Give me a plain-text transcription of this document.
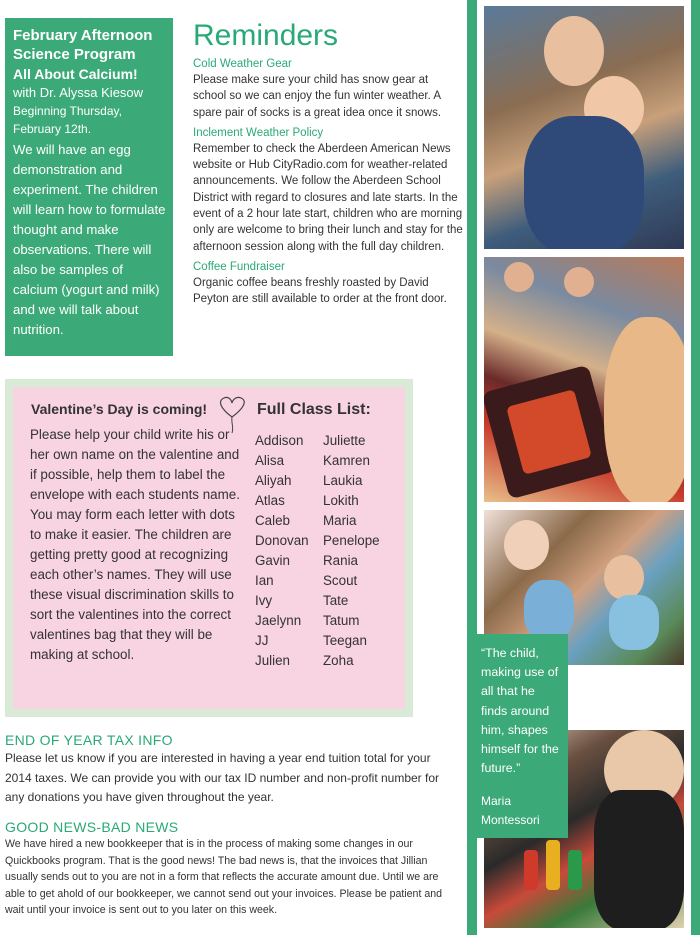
February Afternoon Science Program
All About Calcium!
with Dr. Alyssa Kiesow
Beginning Thursday, February 12th.
We will have an egg demonstration and experiment. The children will learn how to formulate thought and make observations. There will also be samples of calcium (yogurt and milk) and we will talk about nutrition.
Reminders
Cold Weather Gear
Please make sure your child has snow gear at school so we can enjoy the fun winter weather. A spare pair of socks is a great idea once it snows.
Inclement Weather Policy
Remember to check the Aberdeen American News website or Hub CityRadio.com for weather-related announcements. We follow the Aberdeen School District with regard to closures and late starts. In the event of a 2 hour late start, children who are morning only are welcome to bring their lunch and stay for the afternoon session along with the full day children.
Coffee Fundraiser
Organic coffee beans freshly roasted by David Peyton are still available to order at the front door.
“The child, making use of all that he finds around him, shapes himself for the future.”
Maria Montessori
Valentine’s Day is coming!
Please help your child write his or her own name on the valentine and if possible, help them to label the envelope with each students name. You may form each letter with dots to make it easier. The children are getting pretty good at recognizing each other’s names. They will use these visual discrimination skills to sort the valentines into the correct valentines bag that they will be making at school.
Full Class List:
Addison
Alisa
Aliyah
Atlas
Caleb
Donovan
Gavin
Ian
Ivy
Jaelynn
JJ
Julien
Juliette
Kamren
Laukia
Lokith
Maria
Penelope
Rania
Scout
Tate
Tatum
Teegan
Zoha
END OF YEAR TAX INFO
Please let us know if you are interested in having a year end tuition total for your 2014 taxes. We can provide you with our tax ID number and non-profit number for any donations you have given throughout the year.
GOOD NEWS-BAD NEWS
We have hired a new bookkeeper that is in the process of making some changes in our Quickbooks program. That is the good news! The bad news is, that the invoices that Jillian usually sends out to you are not in a form that reflects the accurate amount due. Until we are able to get ahold of our bookkeeper, we cannot send out your invoices. Please be patient and wait until your invoice is sent out to you later on this week.
